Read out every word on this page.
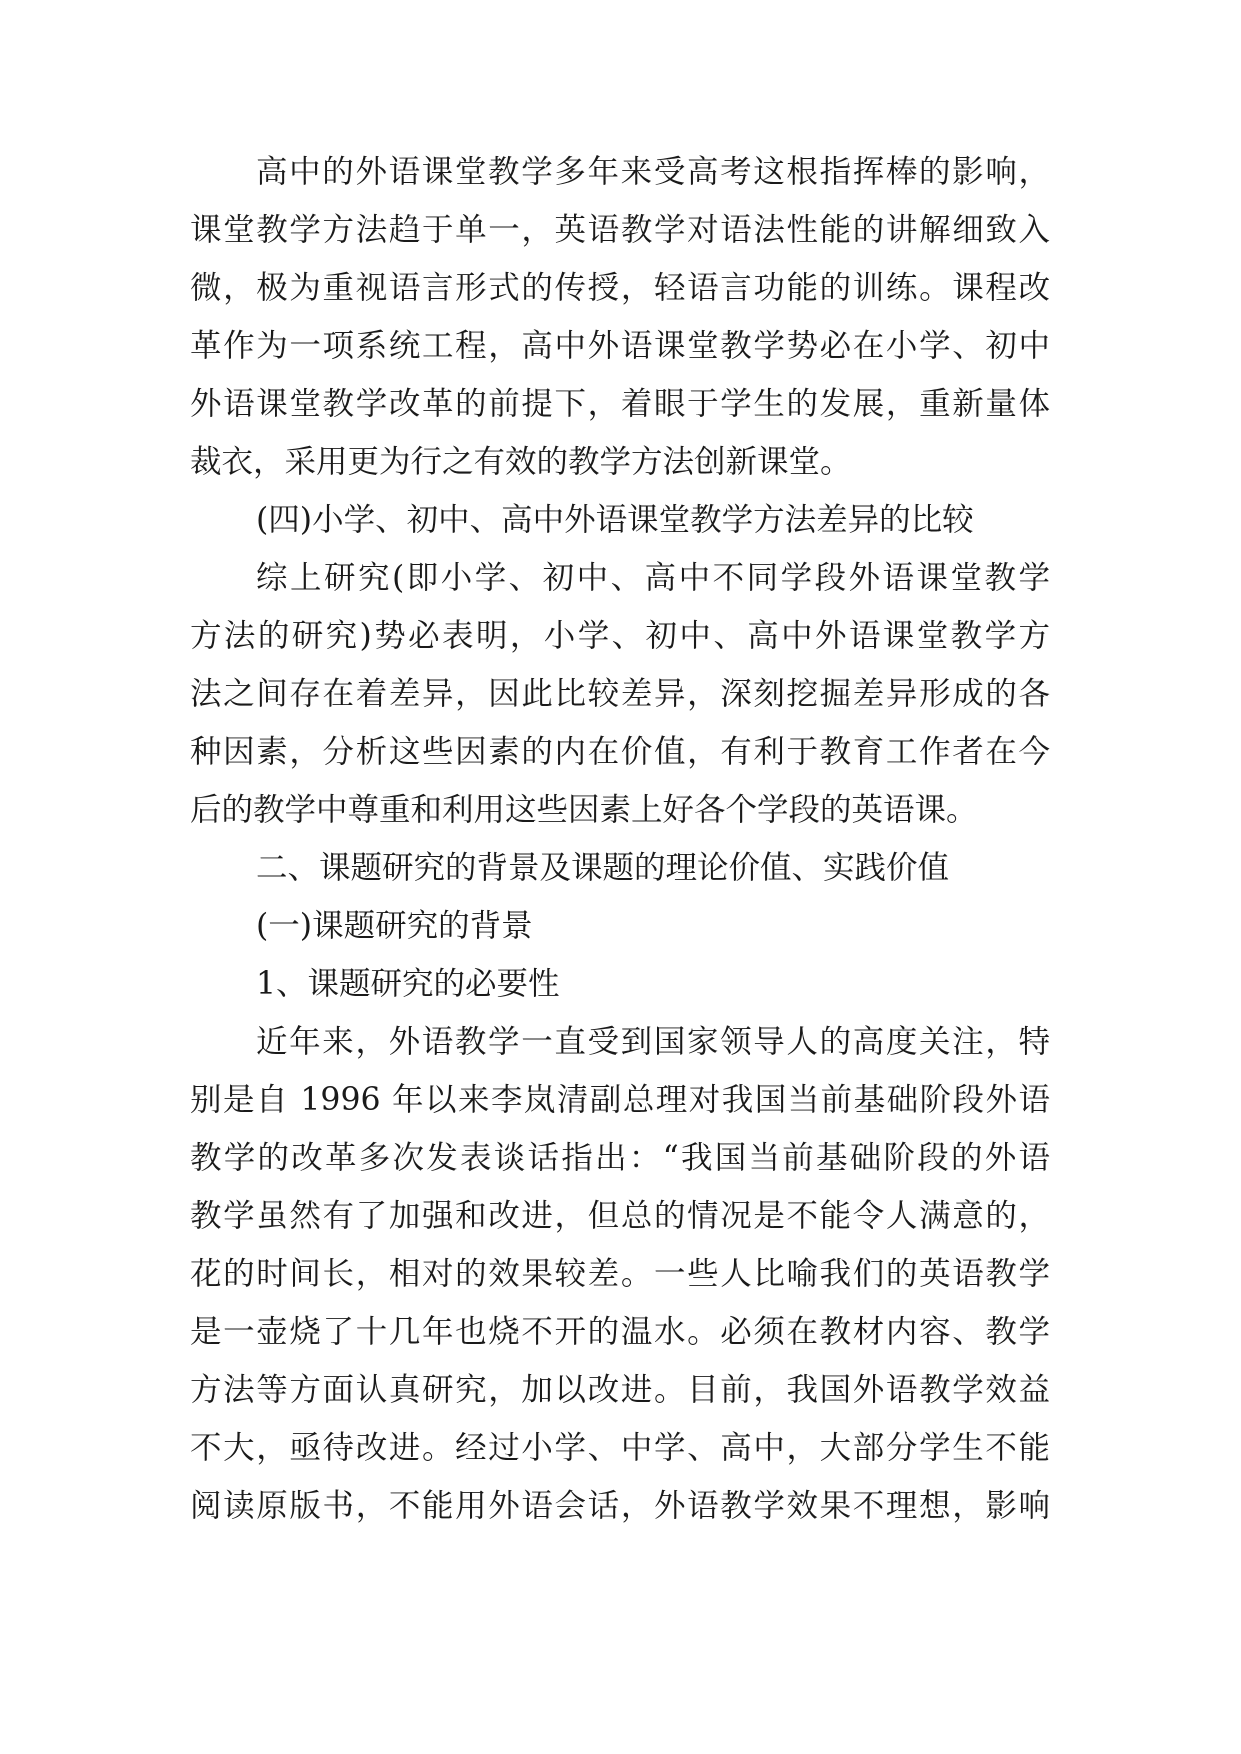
高中的外语课堂教学多年来受高考这根指挥棒的影响，
课堂教学方法趋于单一，英语教学对语法性能的讲解细致入
微，极为重视语言形式的传授，轻语言功能的训练。课程改
革作为一项系统工程，高中外语课堂教学势必在小学、初中
外语课堂教学改革的前提下，着眼于学生的发展，重新量体
裁衣，采用更为行之有效的教学方法创新课堂。
(四)小学、初中、高中外语课堂教学方法差异的比较
综上研究(即小学、初中、高中不同学段外语课堂教学
方法的研究)势必表明，小学、初中、高中外语课堂教学方
法之间存在着差异，因此比较差异，深刻挖掘差异形成的各
种因素，分析这些因素的内在价值，有利于教育工作者在今
后的教学中尊重和利用这些因素上好各个学段的英语课。
二、课题研究的背景及课题的理论价值、实践价值
(一)课题研究的背景
1、课题研究的必要性
近年来，外语教学一直受到国家领导人的高度关注，特
别是自 1996 年以来李岚清副总理对我国当前基础阶段外语
教学的改革多次发表谈话指出：“我国当前基础阶段的外语
教学虽然有了加强和改进，但总的情况是不能令人满意的，
花的时间长，相对的效果较差。一些人比喻我们的英语教学
是一壶烧了十几年也烧不开的温水。必须在教材内容、教学
方法等方面认真研究，加以改进。目前，我国外语教学效益
不大，亟待改进。经过小学、中学、高中，大部分学生不能
阅读原版书，不能用外语会话，外语教学效果不理想，影响
